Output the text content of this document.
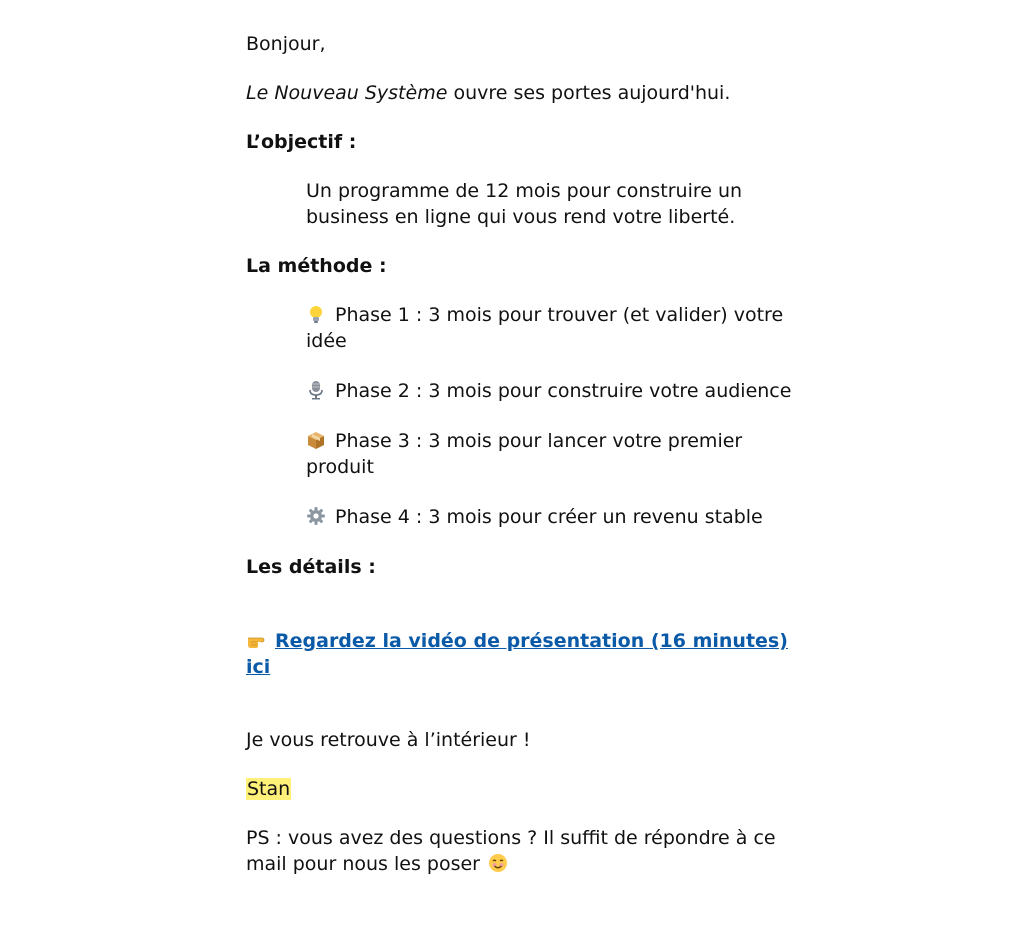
Bonjour,

Le Nouveau Système ouvre ses portes aujourd'hui.

L’objectif :

Un programme de 12 mois pour construire un business en ligne qui vous rend votre liberté.

La méthode :

Phase 1 : 3 mois pour trouver (et valider) votre idée

Phase 2 : 3 mois pour construire votre audience

Phase 3 : 3 mois pour lancer votre premier produit

Phase 4 : 3 mois pour créer un revenu stable

Les détails :

Regardez la vidéo de présentation (16 minutes) ici

Je vous retrouve à l’intérieur !

Stan

PS : vous avez des questions ? Il suffit de répondre à ce mail pour nous les poser
